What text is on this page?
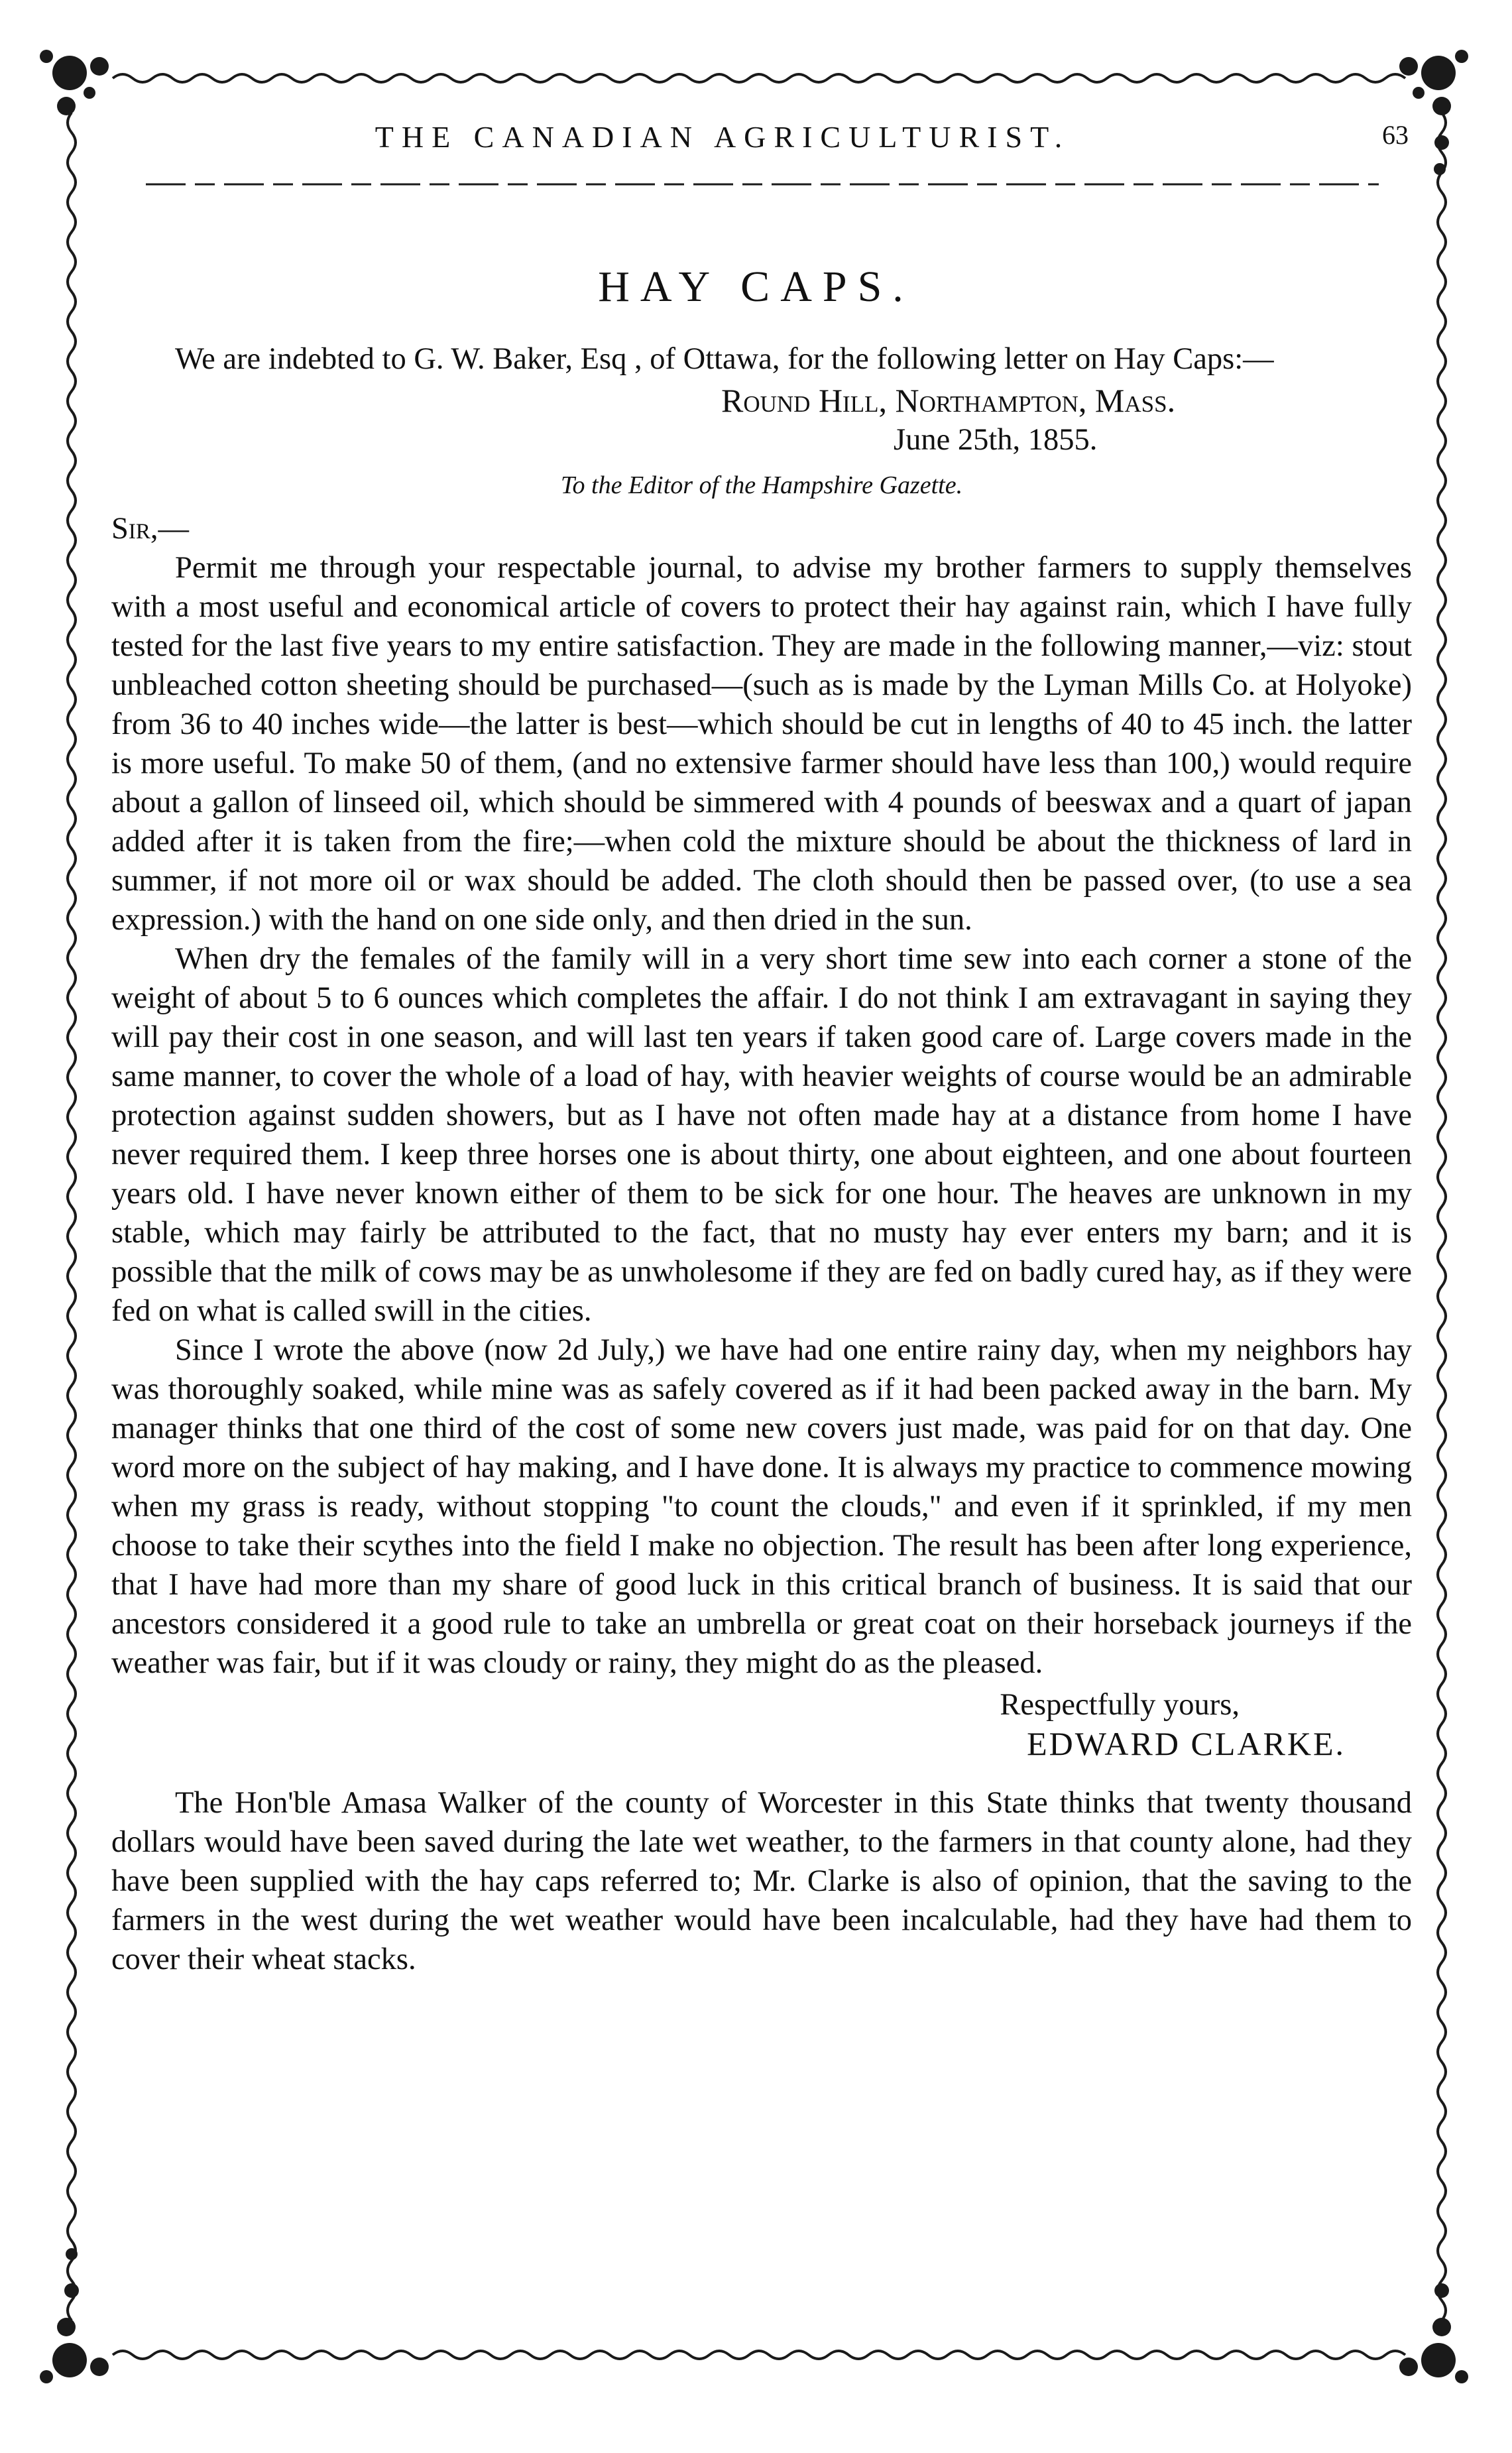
THE CANADIAN AGRICULTURIST.	63
HAY CAPS.

We are indebted to G. W. Baker, Esq , of Ottawa, for the following letter on Hay Caps:—

Round Hill, Northampton, Mass.
June 25th, 1855.
To the Editor of the Hampshire Gazette.
Sir,—

Permit me through your respectable journal, to advise my brother farmers to supply themselves with a most useful and economical article of covers to protect their hay against rain, which I have fully tested for the last five years to my entire satisfaction. They are made in the following manner,—viz: stout unbleached cotton sheeting should be purchased—(such as is made by the Lyman Mills Co. at Holyoke) from 36 to 40 inches wide—the latter is best—which should be cut in lengths of 40 to 45 inch. the latter is more useful. To make 50 of them, (and no extensive farmer should have less than 100,) would require about a gallon of linseed oil, which should be simmered with 4 pounds of beeswax and a quart of japan added after it is taken from the fire;—when cold the mixture should be about the thickness of lard in summer, if not more oil or wax should be added. The cloth should then be passed over, (to use a sea expression.) with the hand on one side only, and then dried in the sun.

When dry the females of the family will in a very short time sew into each corner a stone of the weight of about 5 to 6 ounces which completes the affair. I do not think I am extravagant in saying they will pay their cost in one season, and will last ten years if taken good care of. Large covers made in the same manner, to cover the whole of a load of hay, with heavier weights of course would be an admirable protection against sudden showers, but as I have not often made hay at a distance from home I have never required them. I keep three horses one is about thirty, one about eighteen, and one about fourteen years old. I have never known either of them to be sick for one hour. The heaves are unknown in my stable, which may fairly be attributed to the fact, that no musty hay ever enters my barn; and it is possible that the milk of cows may be as unwholesome if they are fed on badly cured hay, as if they were fed on what is called swill in the cities.

Since I wrote the above (now 2d July,) we have had one entire rainy day, when my neighbors hay was thoroughly soaked, while mine was as safely covered as if it had been packed away in the barn. My manager thinks that one third of the cost of some new covers just made, was paid for on that day. One word more on the subject of hay making, and I have done. It is always my practice to commence mowing when my grass is ready, without stopping "to count the clouds," and even if it sprinkled, if my men choose to take their scythes into the field I make no objection. The result has been after long experience, that I have had more than my share of good luck in this critical branch of business. It is said that our ancestors considered it a good rule to take an umbrella or great coat on their horseback journeys if the weather was fair, but if it was cloudy or rainy, they might do as the pleased.

Respectfully yours,
EDWARD CLARKE.

The Hon'ble Amasa Walker of the county of Worcester in this State thinks that twenty thousand dollars would have been saved during the late wet weather, to the farmers in that county alone, had they have been supplied with the hay caps referred to; Mr. Clarke is also of opinion, that the saving to the farmers in the west during the wet weather would have been incalculable, had they have had them to cover their wheat stacks.
